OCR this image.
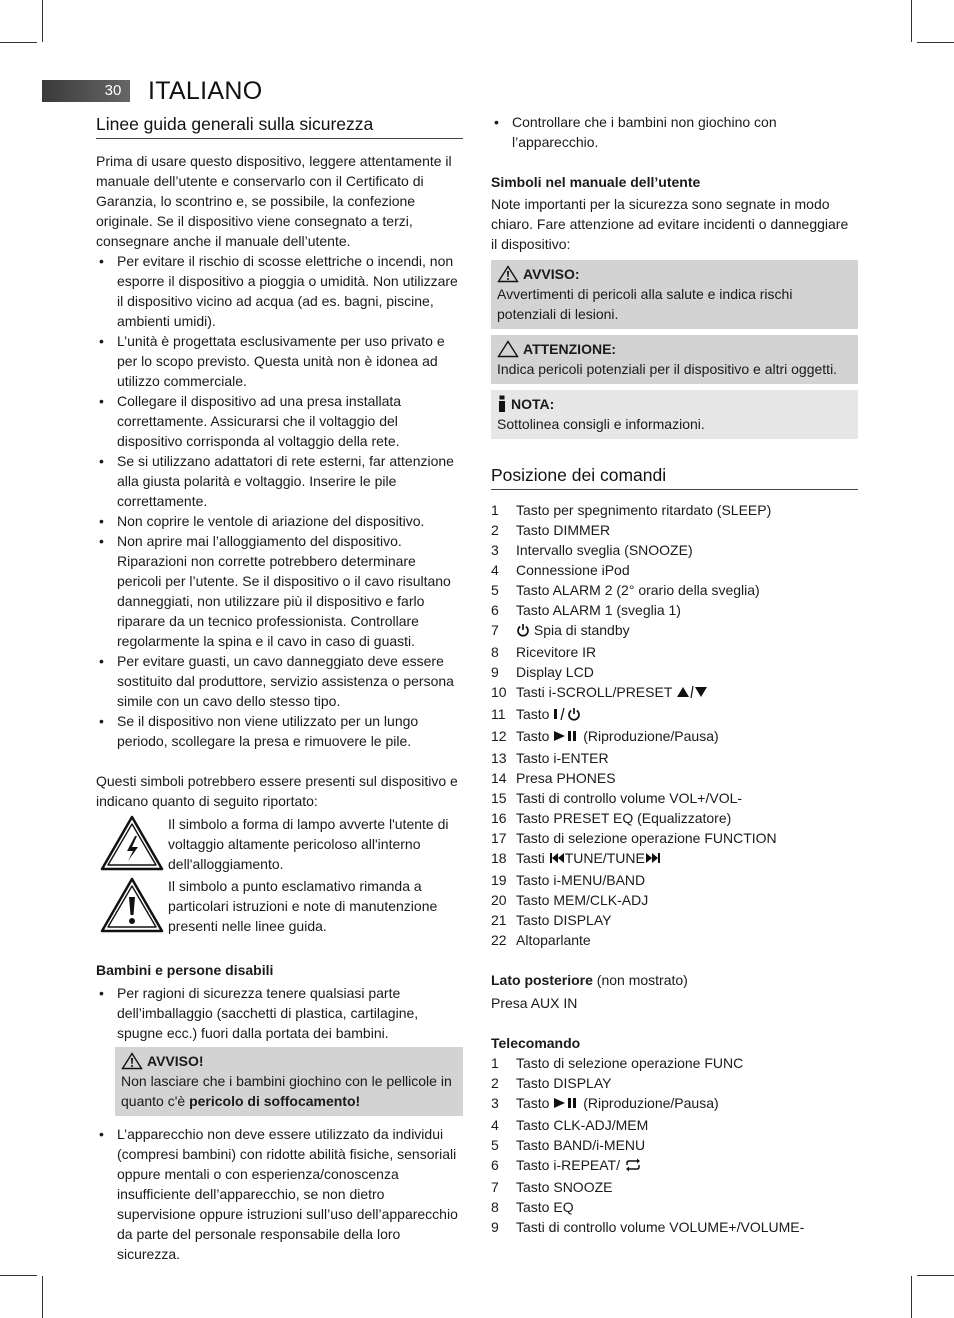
30	ITALIANO
Linee guida generali sulla sicurezza

Prima di usare questo dispositivo, leggere attentamente il manuale dell’utente e conservarlo con il Certificato di Garanzia, lo scontrino e, se possibile, la confezione originale. Se il dispositivo viene consegnato a terzi, consegnare anche il manuale dell’utente.

• Per evitare il rischio di scosse elettriche o incendi, non esporre il dispositivo a pioggia o umidità. Non utilizzare il dispositivo vicino ad acqua (ad es. bagni, piscine, ambienti umidi).
• L’unità è progettata esclusivamente per uso privato e per lo scopo previsto. Questa unità non è idonea ad utilizzo commerciale.
• Collegare il dispositivo ad una presa installata correttamente. Assicurarsi che il voltaggio del dispositivo corrisponda al voltaggio della rete.
• Se si utilizzano adattatori di rete esterni, far attenzione alla giusta polarità e voltaggio. Inserire le pile correttamente.
• Non coprire le ventole di ariazione del dispositivo.
• Non aprire mai l’alloggiamento del dispositivo. Riparazioni non corrette potrebbero determinare pericoli per l’utente. Se il dispositivo o il cavo risultano danneggiati, non utilizzare più il dispositivo e farlo riparare da un tecnico professionista. Controllare regolarmente la spina e il cavo in caso di guasti.
• Per evitare guasti, un cavo danneggiato deve essere sostituito dal produttore, servizio assistenza o persona simile con un cavo dello stesso tipo.
• Se il dispositivo non viene utilizzato per un lungo periodo, scollegare la presa e rimuovere le pile.

Questi simboli potrebbero essere presenti sul dispositivo e indicano quanto di seguito riportato:

Il simbolo a forma di lampo avverte l'utente di voltaggio altamente pericoloso all'interno dell'alloggiamento.
Il simbolo a punto esclamativo rimanda a particolari istruzioni e note di manutenzione presenti nelle linee guida.

Bambini e persone disabili

• Per ragioni di sicurezza tenere qualsiasi parte dell’imballaggio (sacchetti di plastica, cartilagine, spugne ecc.) fuori dalla portata dei bambini.
AVVISO!
Non lasciare che i bambini giochino con le pellicole in quanto c'è pericolo di soffocamento!
• L’apparecchio non deve essere utilizzato da individui (compresi bambini) con ridotte abilità fisiche, sensoriali oppure mentali o con esperienza/conoscenza insufficiente dell’apparecchio, se non dietro supervisione oppure istruzioni sull’uso dell’apparecchio da parte del personale responsabile della loro sicurezza.
• Controllare che i bambini non giochino con l’apparecchio.

Simboli nel manuale dell’utente

Note importanti per la sicurezza sono segnate in modo chiaro. Fare attenzione ad evitare incidenti o danneggiare il dispositivo:

AVVISO:
Avvertimenti di pericoli alla salute e indica rischi potenziali di lesioni.
ATTENZIONE:
Indica pericoli potenziali per il dispositivo e altri oggetti.
NOTA:
Sottolinea consigli e informazioni.
Posizione dei comandi
1	Tasto per spegnimento ritardato (SLEEP)
2	Tasto DIMMER
3	Intervallo sveglia (SNOOZE)
4	Connessione iPod
5	Tasto ALARM 2 (2° orario della sveglia)
6	Tasto ALARM 1 (sveglia 1)
7	Spia di standby
8	Ricevitore IR
9	Display LCD
10 Tasti i-SCROLL/PRESET
11 Tasto
12 Tasto  (Riproduzione/Pausa)
13 Tasto i-ENTER
14 Presa PHONES
15 Tasti di controllo volume VOL+/VOL-
16 Tasto PRESET EQ (Equalizzatore)
17 Tasto di selezione operazione FUNCTION
18 Tasti TUNE/TUNE
19 Tasto i-MENU/BAND
20 Tasto MEM/CLK-ADJ
21 Tasto DISPLAY
22 Altoparlante

Lato posteriore (non mostrato)

Presa AUX IN

Telecomando

1	Tasto di selezione operazione FUNC
2	Tasto DISPLAY
3	Tasto  (Riproduzione/Pausa)
4	Tasto CLK-ADJ/MEM
5	Tasto BAND/i-MENU
6	Tasto i-REPEAT/
7	Tasto SNOOZE
8	Tasto EQ
9	Tasti di controllo volume VOLUME+/VOLUME-
